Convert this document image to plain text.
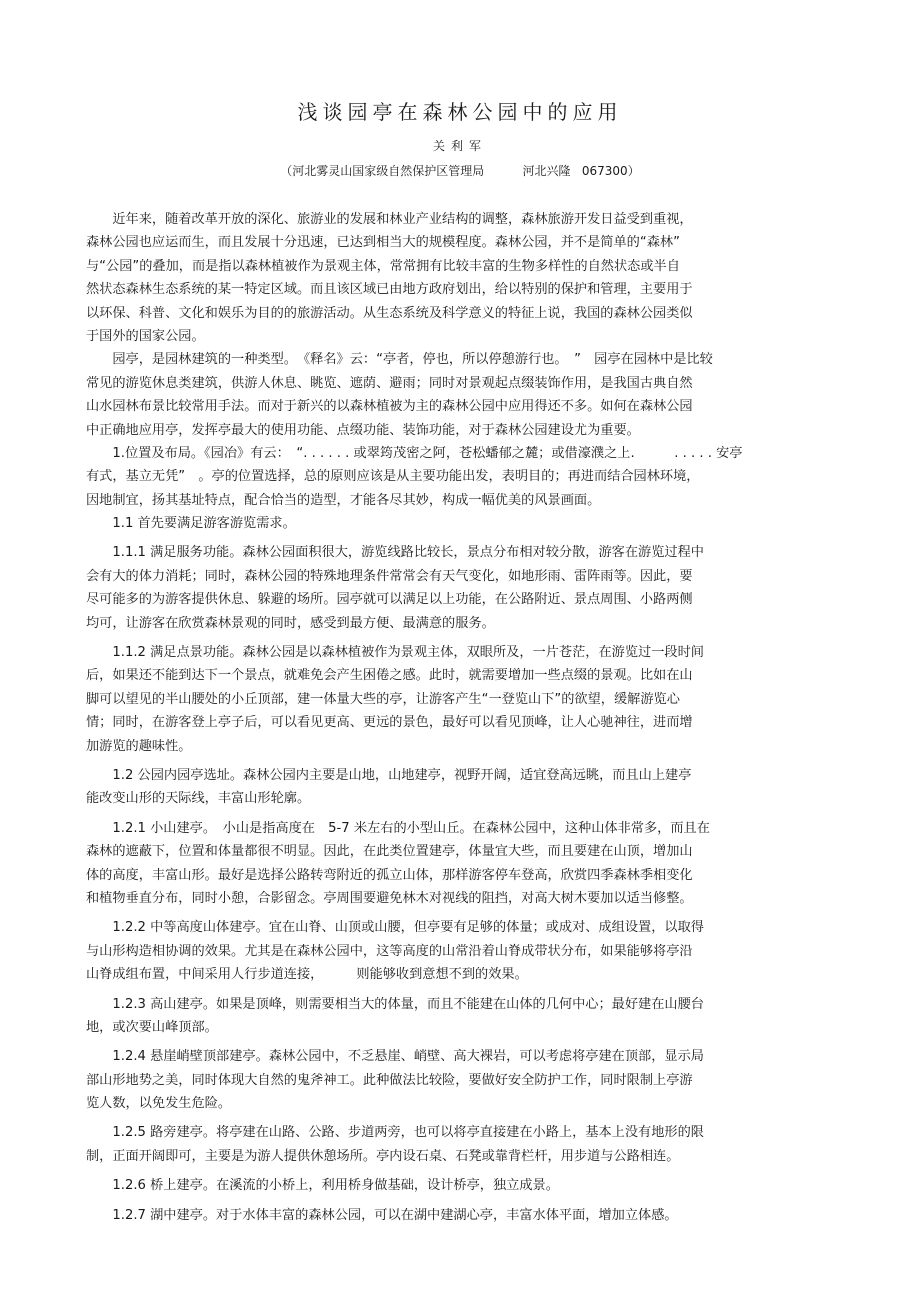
浅谈园亭在森林公园中的应用
关利军
（河北雾灵山国家级自然保护区管理局          河北兴隆   067300）
　　近年来，随着改革开放的深化、旅游业的发展和林业产业结构的调整，森林旅游开发日益受到重视，
森林公园也应运而生，而且发展十分迅速，已达到相当大的规模程度。森林公园，并不是简单的“森林”
与“公园”的叠加，而是指以森林植被作为景观主体，常常拥有比较丰富的生物多样性的自然状态或半自
然状态森林生态系统的某一特定区域。而且该区域已由地方政府划出，给以特别的保护和管理，主要用于
以环保、科普、文化和娱乐为目的的旅游活动。从生态系统及科学意义的特征上说，我国的森林公园类似
于国外的国家公园。
　　园亭，是园林建筑的一种类型。　《释名》云：“亭者，停也，所以停憩游行也。　”　园亭在园林中是比较
常见的游览休息类建筑，供游人休息、眺览、遮荫、避雨；同时对景观起点缀装饰作用，是我国古典自然
山水园林布景比较常用手法。而对于新兴的以森林植被为主的森林公园中应用得还不多。如何在森林公园
中正确地应用亭，发挥亭最大的使用功能、点缀功能、装饰功能，对于森林公园建设尤为重要。
　　1.位置及布局。《园冶》有云：　“. . . . . . 或翠筠茂密之阿，苍松蟠郁之麓；或借濠濮之上.　　　. . . . . 安亭
有式，基立无凭”　。亭的位置选择，总的原则应该是从主要功能出发，表明目的；再进而结合园林环境，
因地制宜，扬其基址特点，配合恰当的造型，才能各尽其妙，构成一幅优美的风景画面。
　　1.1 首先要满足游客游览需求。
　　1.1.1 满足服务功能。森林公园面积很大，游览线路比较长，景点分布相对较分散，游客在游览过程中
会有大的体力消耗；同时，森林公园的特殊地理条件常常会有天气变化，如地形雨、雷阵雨等。因此，要
尽可能多的为游客提供休息、躲避的场所。园亭就可以满足以上功能，在公路附近、景点周围、小路两侧
均可，让游客在欣赏森林景观的同时，感受到最方便、最满意的服务。
　　1.1.2 满足点景功能。森林公园是以森林植被作为景观主体，双眼所及，一片苍茫，在游览过一段时间
后，如果还不能到达下一个景点，就难免会产生困倦之感。此时，就需要增加一些点缀的景观。比如在山
脚可以望见的半山腰处的小丘顶部，建一体量大些的亭，让游客产生“一登览山下”的欲望，缓解游览心
情；同时，在游客登上亭子后，可以看见更高、更远的景色，最好可以看见顶峰，让人心驰神往，进而增
加游览的趣味性。
　　1.2 公园内园亭选址。森林公园内主要是山地，山地建亭，视野开阔，适宜登高远眺，而且山上建亭
能改变山形的天际线，丰富山形轮廓。
　　1.2.1 小山建亭。　小山是指高度在　5-7 米左右的小型山丘。在森林公园中，这种山体非常多，而且在
森林的遮蔽下，位置和体量都很不明显。因此，在此类位置建亭，体量宜大些，而且要建在山顶，增加山
体的高度，丰富山形。最好是选择公路转弯附近的孤立山体，那样游客停车登高，欣赏四季森林季相变化
和植物垂直分布，同时小憩，合影留念。亭周围要避免林木对视线的阻挡，对高大树木要加以适当修整。
　　1.2.2 中等高度山体建亭。宜在山脊、山顶或山腰，但亭要有足够的体量；或成对、成组设置，以取得
与山形构造相协调的效果。尤其是在森林公园中，这等高度的山常沿着山脊成带状分布，如果能够将亭沿
山脊成组布置，中间采用人行步道连接，　　　则能够收到意想不到的效果。
　　1.2.3 高山建亭。如果是顶峰，则需要相当大的体量，而且不能建在山体的几何中心；最好建在山腰台
地，或次要山峰顶部。
　　1.2.4 悬崖峭壁顶部建亭。森林公园中，不乏悬崖、峭壁、高大裸岩，可以考虑将亭建在顶部，显示局
部山形地势之美，同时体现大自然的鬼斧神工。此种做法比较险，要做好安全防护工作，同时限制上亭游
览人数，以免发生危险。
　　1.2.5 路旁建亭。将亭建在山路、公路、步道两旁，也可以将亭直接建在小路上，基本上没有地形的限
制，正面开阔即可，主要是为游人提供休憩场所。亭内设石桌、石凳或靠背栏杆，用步道与公路相连。
　　1.2.6 桥上建亭。在溪流的小桥上，利用桥身做基础，设计桥亭，独立成景。
　　1.2.7 湖中建亭。对于水体丰富的森林公园，可以在湖中建湖心亭，丰富水体平面，增加立体感。
